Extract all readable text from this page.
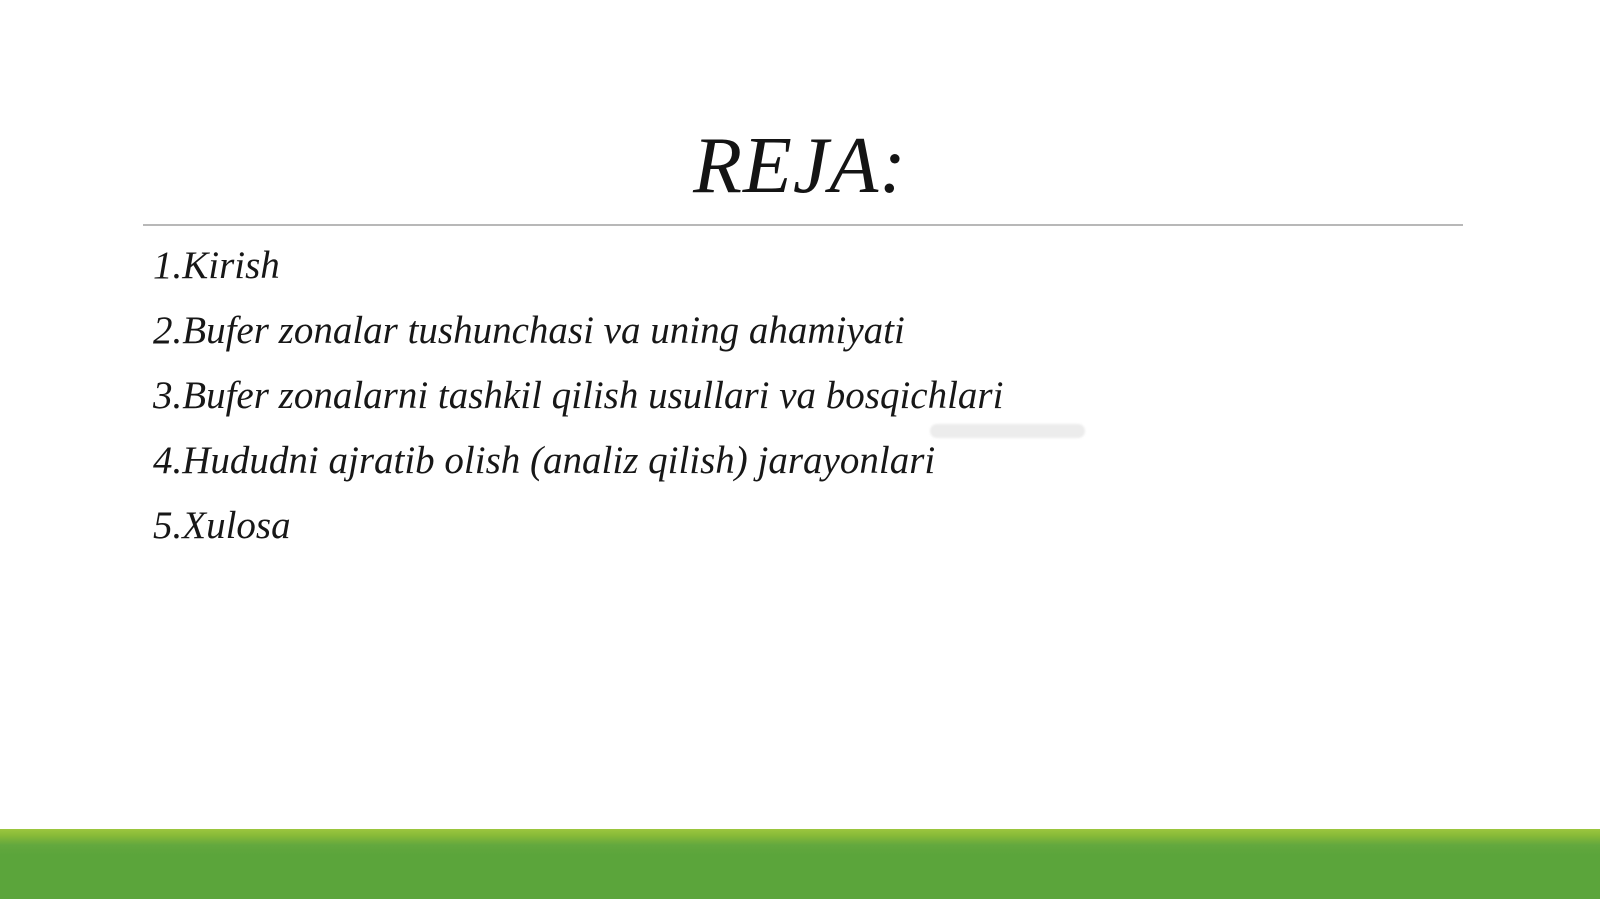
REJA:

1.Kirish

2.Bufer zonalar tushunchasi va uning ahamiyati

3.Bufer zonalarni tashkil qilish usullari va bosqichlari

4.Hududni ajratib olish (analiz qilish) jarayonlari

5.Xulosa
